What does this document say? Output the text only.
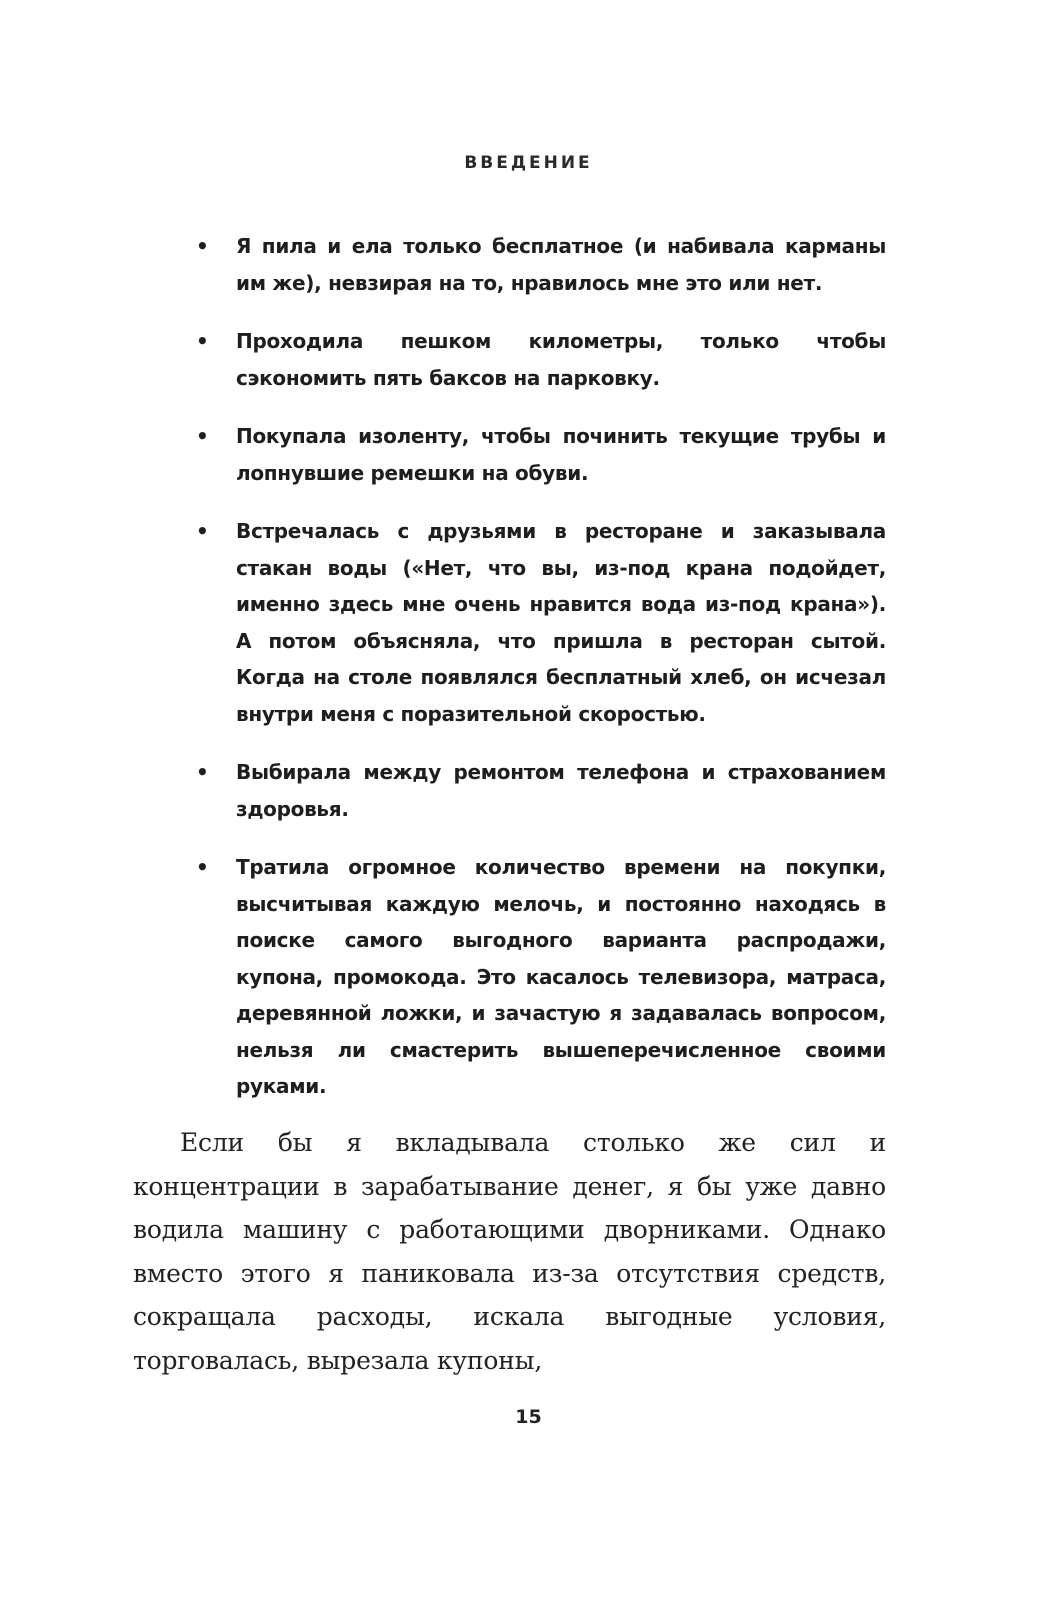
ВВЕДЕНИЕ
• Я пила и ела только бесплатное (и набивала карманы им же), невзирая на то, нравилось мне это или нет.
• Проходила пешком километры, только чтобы сэкономить пять баксов на парковку.
• Покупала изоленту, чтобы починить текущие трубы и лопнувшие ремешки на обуви.
• Встречалась с друзьями в ресторане и заказывала стакан воды («Нет, что вы, из-под крана подойдет, именно здесь мне очень нравится вода из-под крана»). А потом объясняла, что пришла в ресторан сытой. Когда на столе появлялся бесплатный хлеб, он исчезал внутри меня с поразительной скоростью.
• Выбирала между ремонтом телефона и страхованием здоровья.
• Тратила огромное количество времени на покупки, высчитывая каждую мелочь, и постоянно находясь в поиске самого выгодного варианта распродажи, купона, промокода. Это касалось телевизора, матраса, деревянной ложки, и зачастую я задавалась вопросом, нельзя ли смастерить вышеперечисленное своими руками.

Если бы я вкладывала столько же сил и концентрации в зарабатывание денег, я бы уже давно водила машину с работающими дворниками. Однако вместо этого я паниковала из-за отсутствия средств, сокращала расходы, искала выгодные условия, торговалась, вырезала купоны,

15
